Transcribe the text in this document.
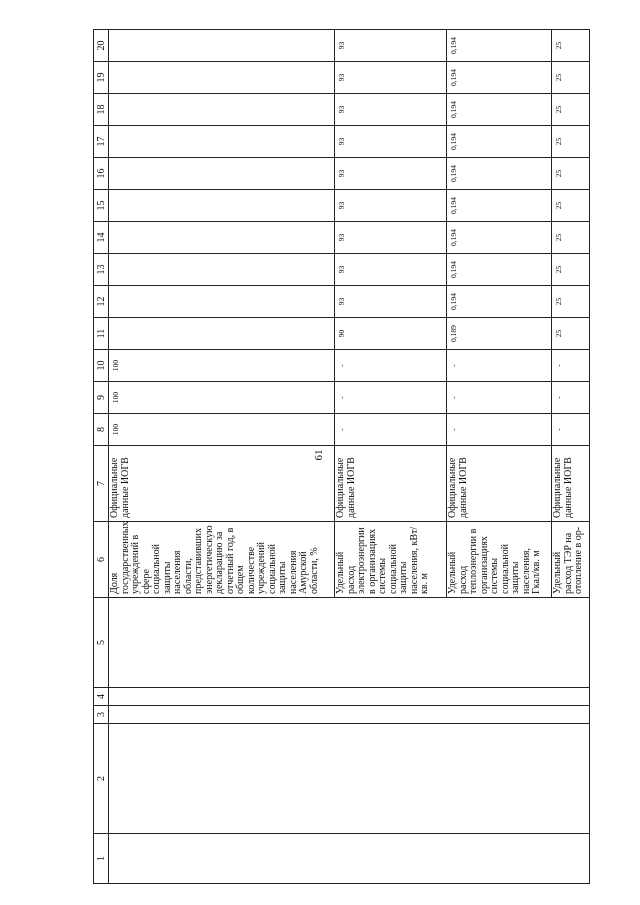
61
1	2	3	4	5	6	7	8	9	10	11	12	13	14	15	16	17	18	19	20
					Доля государственных учреждений в сфере социальной защиты населения области, представивших энергетическую декларацию за отчетный год, в общем количестве учреждений социальной защиты населения Амурской области, %	Официальные данные ИОГВ	100	100	100										
					Удельный расход электроэнергии в организациях системы социальной защиты населения, кВт/кв. м	Официальные данные ИОГВ	-	-	-	90	93	93	93	93	93	93	93	93	93
					Удельный расход теплоэнергии в организациях системы социальной защиты населения, Гкал/кв. м	Официальные данные ИОГВ	-	-	-	0,189	0,194	0,194	0,194	0,194	0,194	0,194	0,194	0,194	0,194
					Удельный расход ТЭР на отопление в ор-	Официальные данные ИОГВ	-	-	-	25	25	25	25	25	25	25	25	25	25
